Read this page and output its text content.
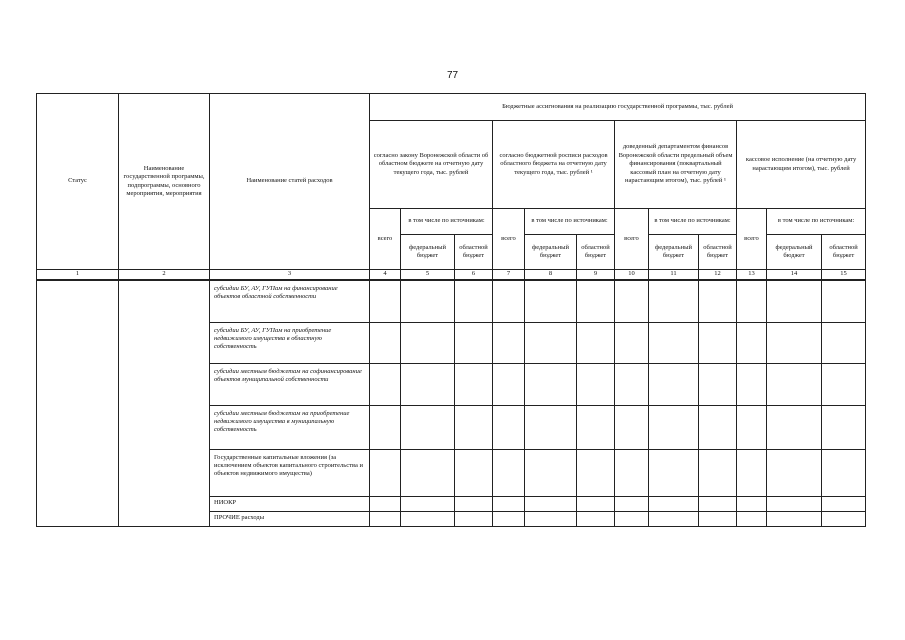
77
Статус	Наименование государственной программы, подпрограммы, основного мероприятия, мероприятия	Наименование статей расходов	Бюджетные ассигнования на реализацию государственной программы, тыс. рублей											
			согласно закону Воронежской области об областном бюджете на отчетную дату текущего года, тыс. рублей			согласно бюджетной росписи расходов областного бюджета на отчетную дату текущего года, тыс. рублей ¹			доведенный департаментом финансов Воронежской области предельный объем финансирования (поквартальный кассовый план на отчетную дату нарастающим итогом), тыс. рублей ¹			кассовое исполнение (на отчетную дату нарастающим итогом), тыс. рублей		
			всего	в том числе по источникам:		всего	в том числе по источникам:		всего	в том числе по источникам:		всего	в том числе по источникам:	
				федеральный бюджет	областной бюджет		федеральный бюджет	областной бюджет		федеральный бюджет	областной бюджет		федеральный бюджет	областной бюджет
1	2	3	4	5	6	7	8	9	10	11	12	13	14	15
		субсидии БУ, АУ, ГУПам на финансирование объектов областной собственности												
		субсидии БУ, АУ, ГУПам на приобретение недвижимого имущества в областную собственность												
		субсидии местным бюджетам на софинансирование объектов муниципальной собственности												
		субсидии местным бюджетам на приобретение недвижимого имущества в муниципальную собственность												
		Государственные капитальные вложения (за исключением объектов капитального строительства и объектов недвижимого имущества)												
		НИОКР												
		ПРОЧИЕ расходы												
